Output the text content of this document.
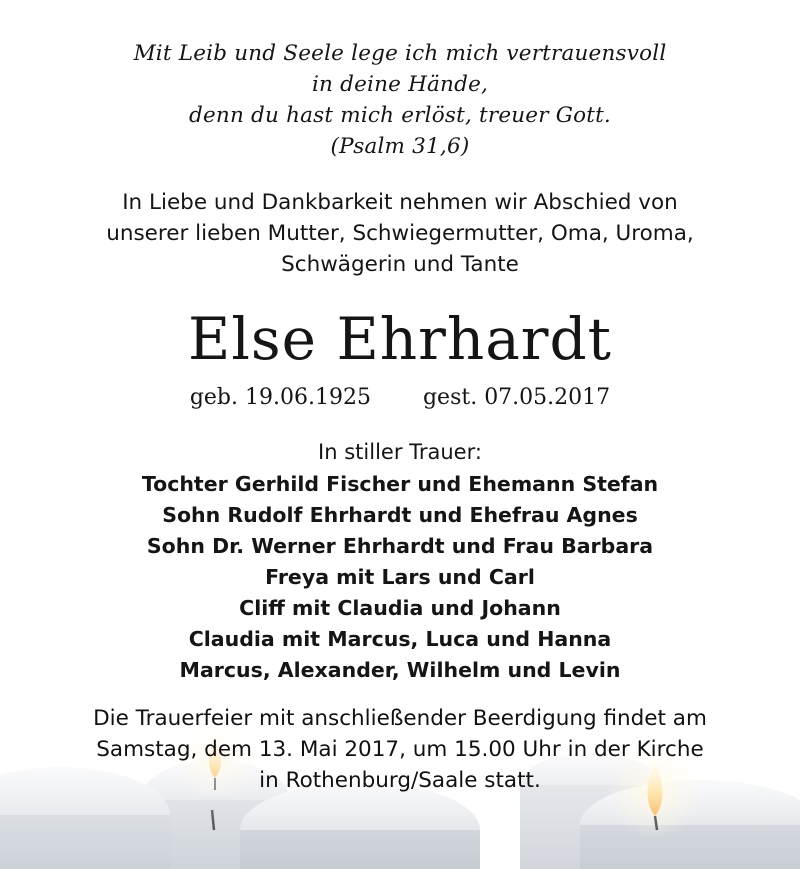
Mit Leib und Seele lege ich mich vertrauensvoll
in deine Hände,
denn du hast mich erlöst, treuer Gott.
(Psalm 31,6)
In Liebe und Dankbarkeit nehmen wir Abschied von
unserer lieben Mutter, Schwiegermutter, Oma, Uroma,
Schwägerin und Tante
Else Ehrhardt
geb. 19.06.1925 gest. 07.05.2017
In stiller Trauer:
Tochter Gerhild Fischer und Ehemann Stefan
Sohn Rudolf Ehrhardt und Ehefrau Agnes
Sohn Dr. Werner Ehrhardt und Frau Barbara
Freya mit Lars und Carl
Cliff mit Claudia und Johann
Claudia mit Marcus, Luca und Hanna
Marcus, Alexander, Wilhelm und Levin
Die Trauerfeier mit anschließender Beerdigung findet am
Samstag, dem 13. Mai 2017, um 15.00 Uhr in der Kirche
in Rothenburg/Saale statt.
